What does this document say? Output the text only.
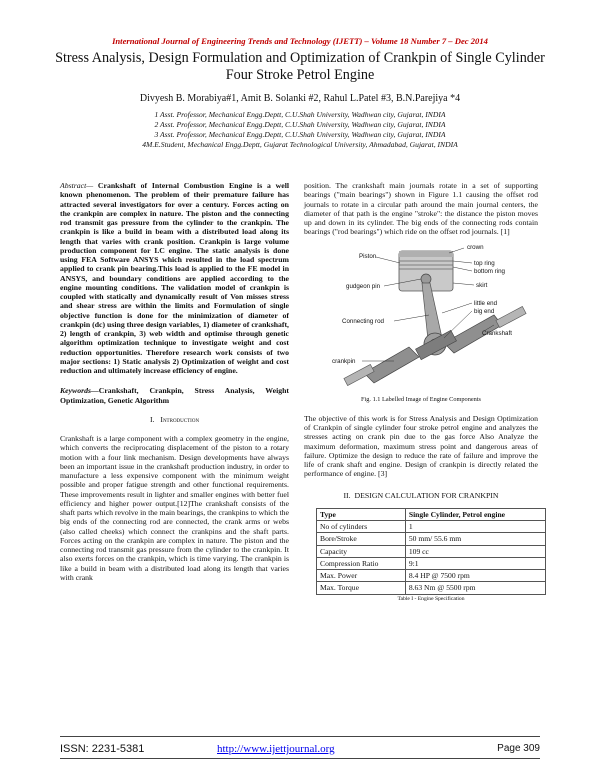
International Journal of Engineering Trends and Technology (IJETT) – Volume 18 Number 7 – Dec 2014
Stress Analysis, Design Formulation and Optimization of Crankpin of Single Cylinder Four Stroke Petrol Engine
Divyesh B. Morabiya#1, Amit B. Solanki #2, Rahul L.Patel #3, B.N.Parejiya *4
1 Asst. Professor, Mechanical Engg.Deptt, C.U.Shah University, Wadhwan city, Gujarat, INDIA
2 Asst. Professor, Mechanical Engg.Deptt, C.U.Shah University, Wadhwan city, Gujarat, INDIA
3 Asst. Professor, Mechanical Engg.Deptt, C.U.Shah University, Wadhwan city, Gujarat, INDIA
4M.E.Student, Mechanical Engg.Deptt, Gujarat Technological University, Ahmadabad, Gujarat, INDIA

Abstract— Crankshaft of Internal Combustion Engine is a well known phenomenon. The problem of their premature failure has attracted several investigators for over a century. Forces acting on the crankpin are complex in nature. The piston and the connecting rod transmit gas pressure from the cylinder to the crankpin. The crankpin is like a build in beam with a distributed load along its length that varies with crank position. Crankpin is large volume production component for I.C engine. The static analysis is done using FEA Software ANSYS which resulted in the load spectrum applied to crank pin bearing.This load is applied to the FE model in ANSYS, and boundary conditions are applied according to the engine mounting conditions. The validation model of crankpin is coupled with statically and dynamically result of Von misses stress and shear stress are within the limits and Formulation of single objective function is done for the minimization of diameter of crankpin (dc) using three design variables, 1) diameter of crankshaft, 2) length of crankpin, 3) web width and optimise through genetic algorithm optimization technique to investigate weight and cost reduction opportunities. Therefore research work consists of two major sections: 1) Static analysis 2) Optimization of weight and cost reduction and ultimately increase efficiency of engine.

Keywords—Crankshaft, Crankpin, Stress Analysis, Weight Optimization, Genetic Algorithm

I. Introduction

Crankshaft is a large component with a complex geometry in the engine, which converts the reciprocating displacement of the piston to a rotary motion with a four link mechanism. Design developments have always been an important issue in the crankshaft production industry, in order to manufacture a less expensive component with the minimum weight possible and proper fatigue strength and other functional requirements. These improvements result in lighter and smaller engines with better fuel efficiency and higher power output.[12]The crankshaft consists of the shaft parts which revolve in the main bearings, the crankpins to which the big ends of the connecting rod are connected, the crank arms or webs (also called cheeks) which connect the crankpins and the shaft parts. Forces acting on the crankpin are complex in nature. The piston and the connecting rod transmit gas pressure from the cylinder to the crankpin. It also exerts forces on the crankpin, which is time varying. The crankpin is like a build in beam with a distributed load along its length that varies with crank

position. The crankshaft main journals rotate in a set of supporting bearings ("main bearings") shown in Figure 1.1 causing the offset rod journals to rotate in a circular path around the main journal centers, the diameter of that path is the engine "stroke": the distance the piston moves up and down in its cylinder. The big ends of the connecting rods contain bearings ("rod bearings") which ride on the offset rod journals. [1]

crown
Piston
top ring
bottom ring
skirt
gudgeon pin
little end
big end
Connecting rod
Crankshaft
crankpin
Fig. 1.1 Labelled Image of Engine Components

The objective of this work is for Stress Analysis and Design Optimization of Crankpin of single cylinder four stroke petrol engine and analyzes the stresses acting on crank pin due to the gas force Also Analyze the maximum deformation, maximum stress point and dangerous areas of failure. Optimize the design to reduce the rate of failure and improve the life of crank shaft and engine. Design of crankpin is directly related the performance of engine. [3]

II. DESIGN CALCULATION FOR CRANKPIN
Type	Single Cylinder, Petrol engine
No of cylinders	1
Bore/Stroke	50 mm/ 55.6 mm
Capacity	109 cc
Compression Ratio	9:1
Max. Power	8.4 HP @ 7500 rpm
Max. Torque	8.63 Nm @ 5500 rpm
Table I - Engine Specification
ISSN: 2231-5381	http://www.ijettjournal.org	Page 309
